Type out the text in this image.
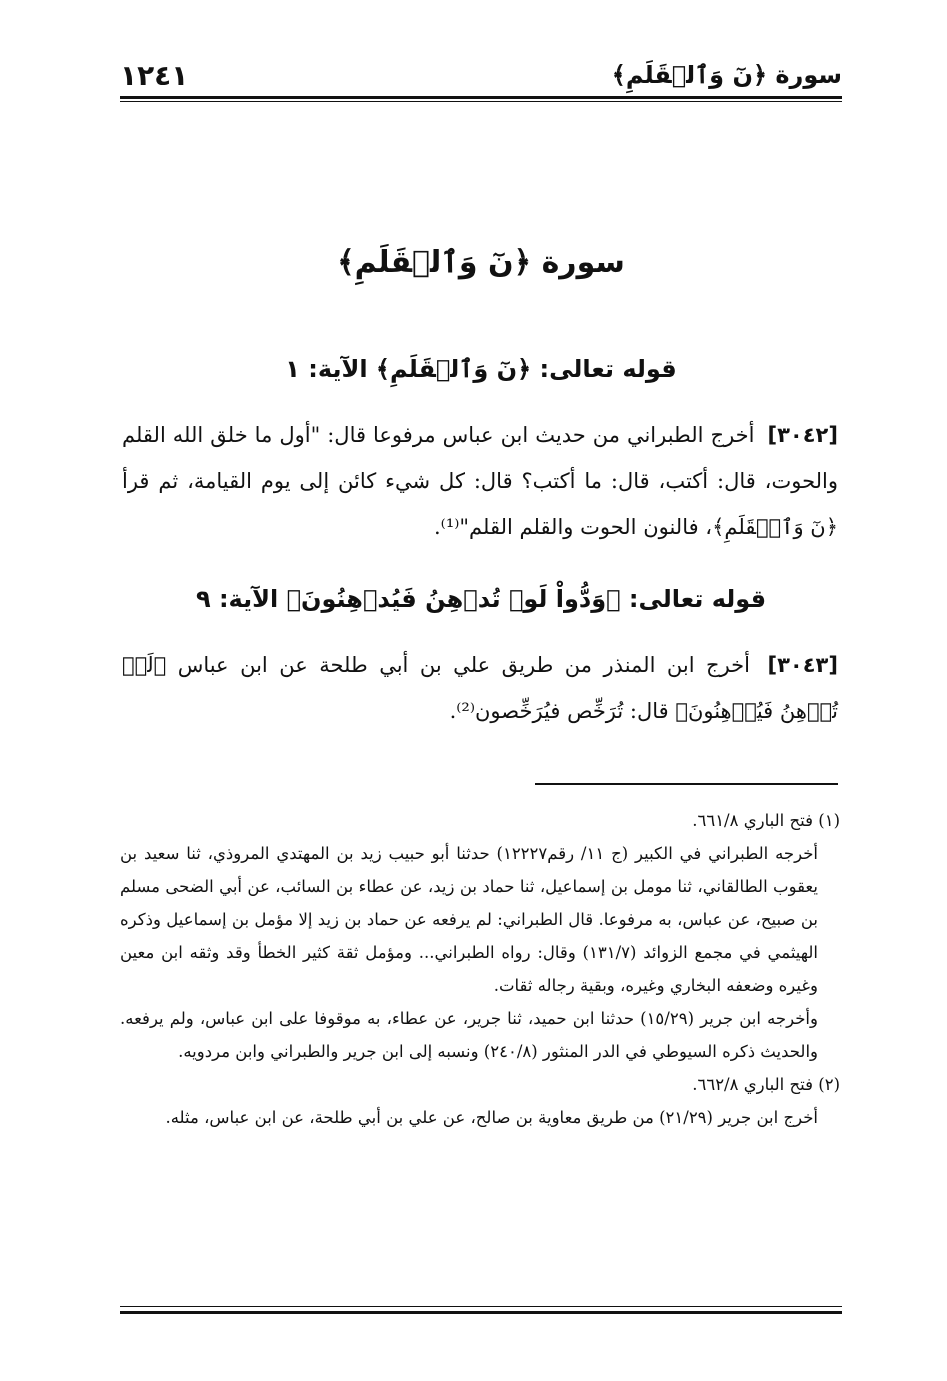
١٢٤١	سورة ﴿نٓ وَٱلۡقَلَمِ﴾
سورة ﴿نٓ وَٱلۡقَلَمِ﴾
قوله تعالى: ﴿نٓ وَٱلۡقَلَمِ﴾ الآية: ١
[٣٠٤٢] أخرج الطبراني من حديث ابن عباس مرفوعا قال: "أول ما خلق الله القلم والحوت، قال: أكتب، قال: ما أكتب؟ قال: كل شيء كائن إلى يوم القيامة، ثم قرأ ﴿نٓ وَٱلۡقَلَمِ﴾، فالنون الحوت والقلم القلم"⁽¹⁾.
قوله تعالى: ﴿وَدُّواْ لَوۡ تُدۡهِنُ فَيُدۡهِنُونَ﴾ الآية: ٩
[٣٠٤٣] أخرج ابن المنذر من طريق علي بن أبي طلحة عن ابن عباس ﴿لَوۡ تُدۡهِنُ فَيُدۡهِنُونَ﴾ قال: تُرَخِّص فيُرَخِّصون⁽²⁾.
(١) فتح الباري ٦٦١/٨.
أخرجه الطبراني في الكبير (ج ١١/ رقم١٢٢٢٧) حدثنا أبو حبيب زيد بن المهتدي المروذي، ثنا سعيد بن يعقوب الطالقاني، ثنا مومل بن إسماعيل، ثنا حماد بن زيد، عن عطاء بن السائب، عن أبي الضحى مسلم بن صبيح، عن عباس، به مرفوعا. قال الطبراني: لم يرفعه عن حماد بن زيد إلا مؤمل بن إسماعيل وذكره الهيثمي في مجمع الزوائد (١٣١/٧) وقال: رواه الطبراني... ومؤمل ثقة كثير الخطأ وقد وثقه ابن معين وغيره وضعفه البخاري وغيره، وبقية رجاله ثقات.
وأخرجه ابن جرير (١٥/٢٩) حدثنا ابن حميد، ثنا جرير، عن عطاء، به موقوفا على ابن عباس، ولم يرفعه. والحديث ذكره السيوطي في الدر المنثور (٢٤٠/٨) ونسبه إلى ابن جرير والطبراني وابن مردويه.
(٢) فتح الباري ٦٦٢/٨.
أخرج ابن جرير (٢١/٢٩) من طريق معاوية بن صالح، عن علي بن أبي طلحة، عن ابن عباس، مثله.
